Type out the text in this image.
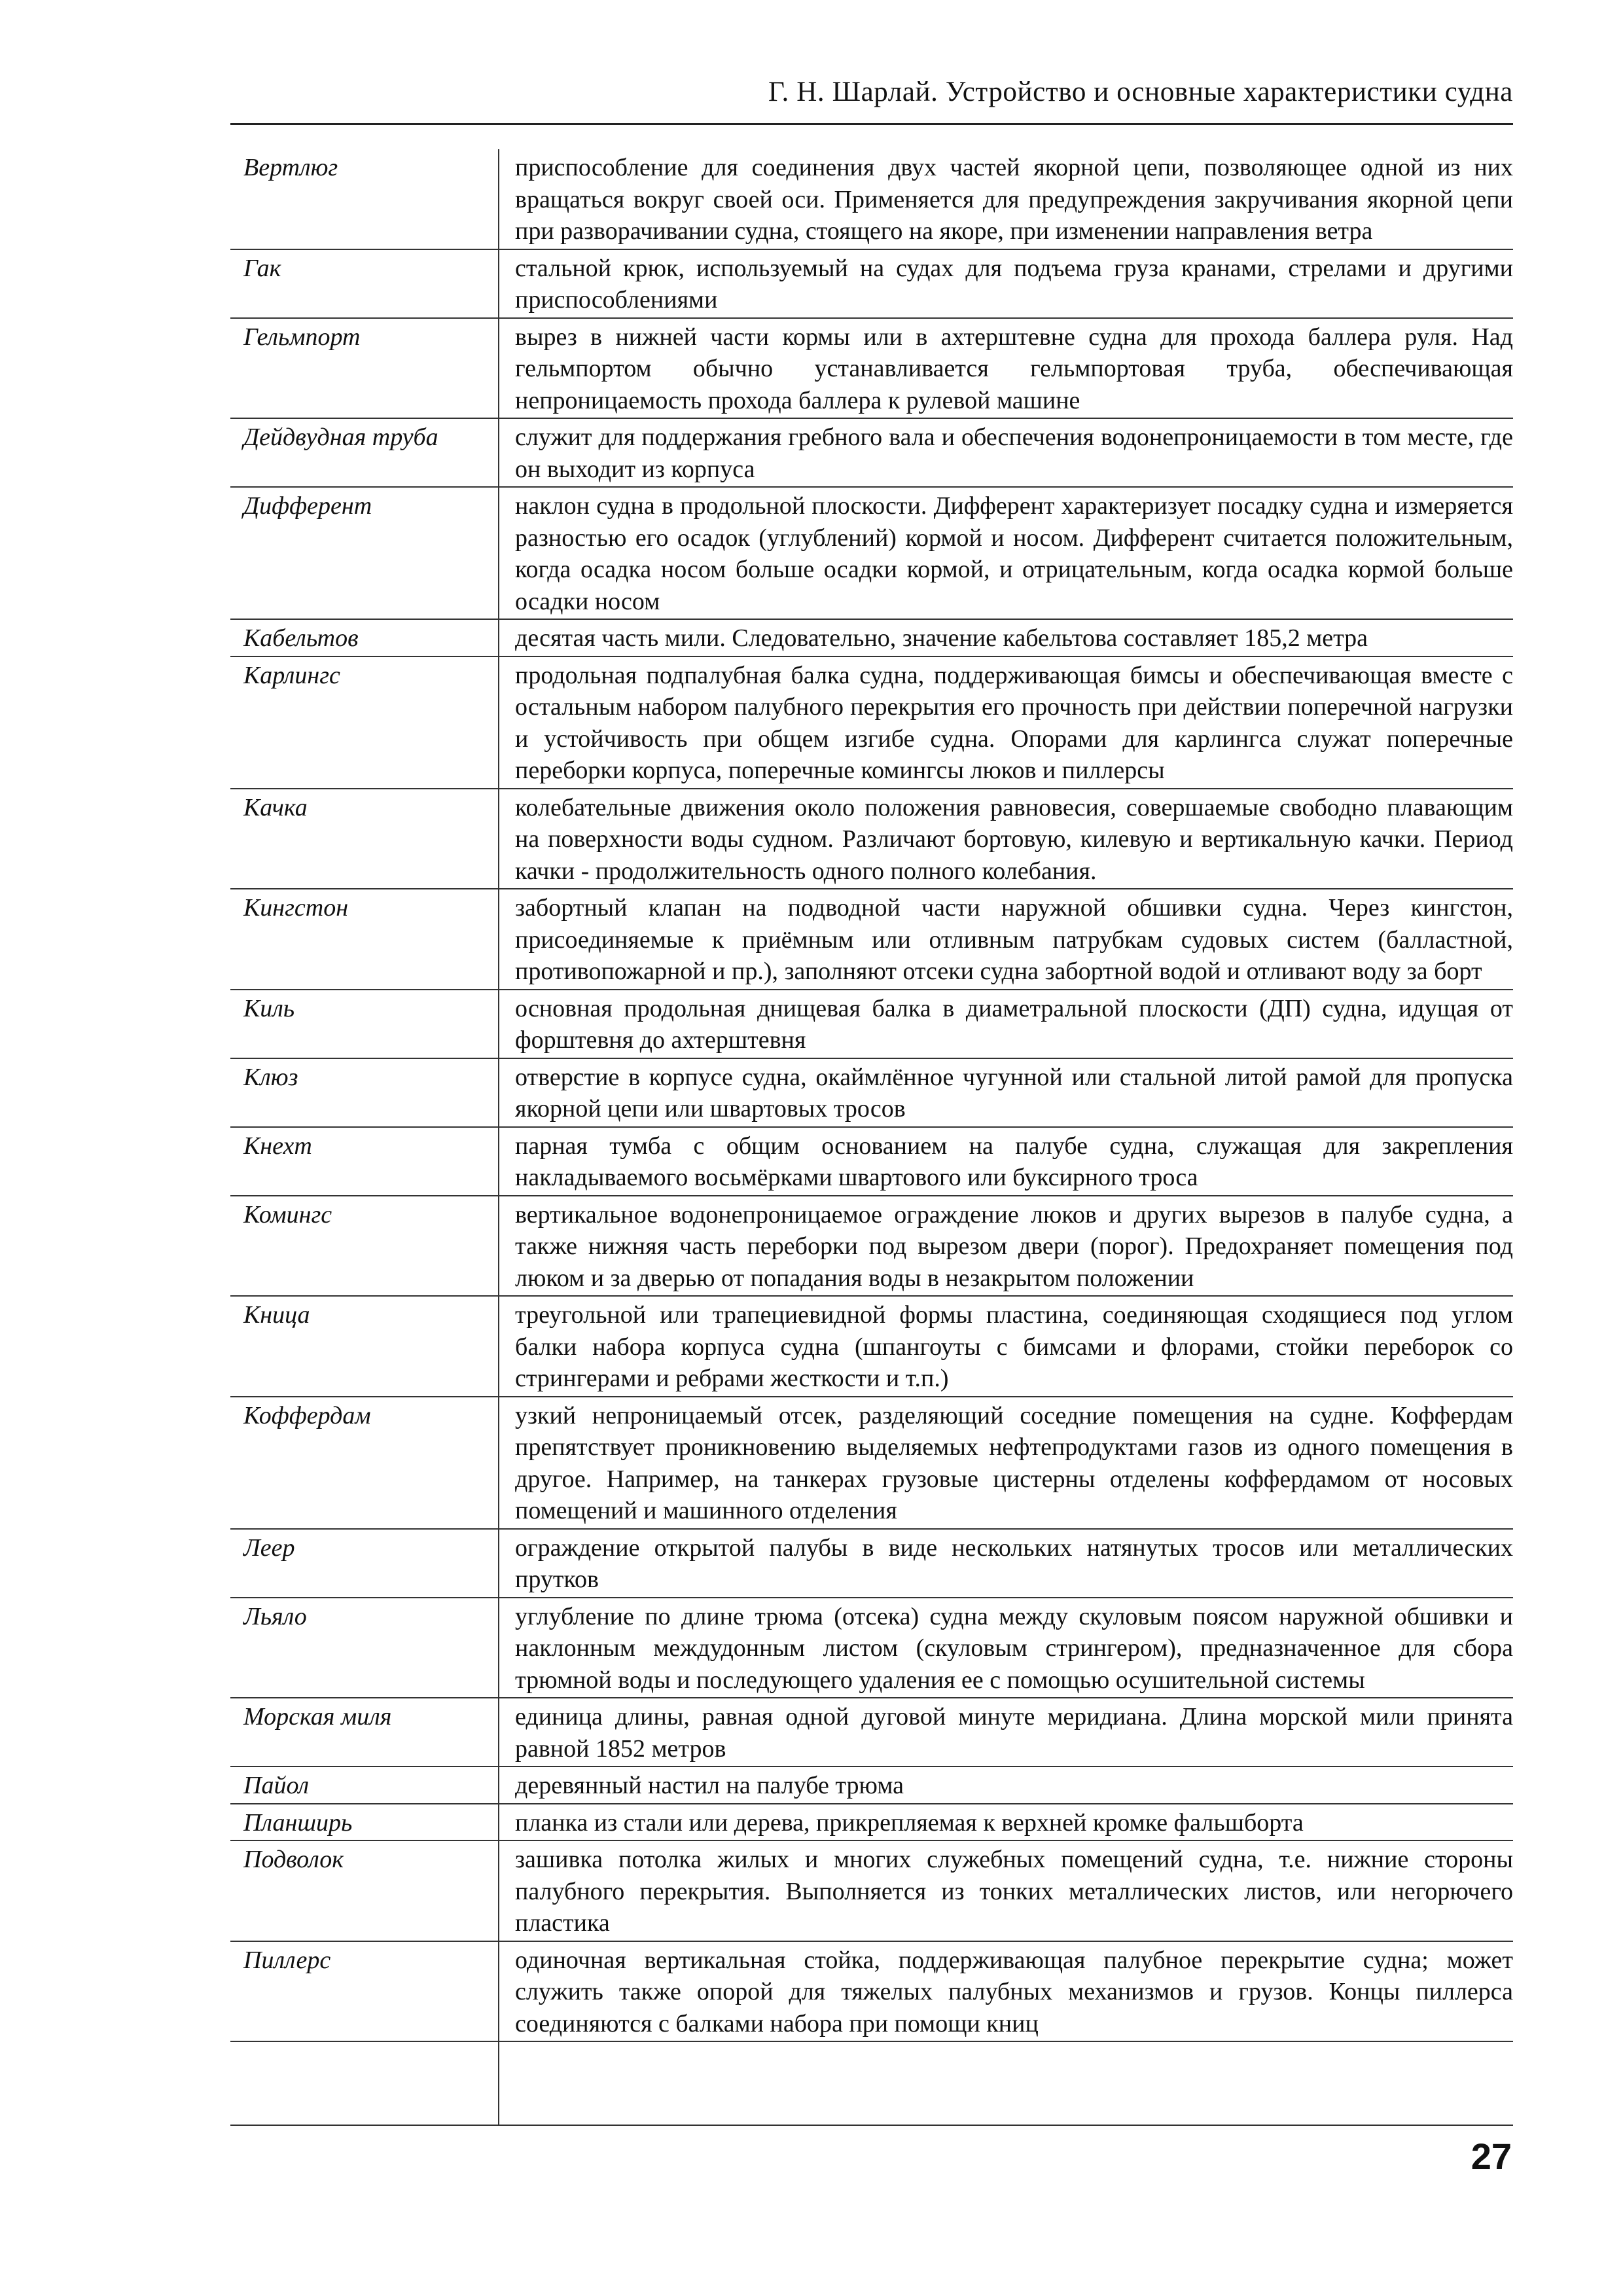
Г. Н. Шарлай. Устройство и основные характеристики судна
Вертлюг	приспособление для соединения двух частей якорной цепи, позволяющее одной из них вращаться вокруг своей оси. Применяется для предупреждения закручивания якорной цепи при разворачивании судна, стоящего на якоре, при изменении направления ветра
Гак	стальной крюк, используемый на судах для подъема груза кранами, стрелами и другими приспособлениями
Гельмпорт	вырез в нижней части кормы или в ахтерштевне судна для прохода баллера руля. Над гельмпортом обычно устанавливается гельмпортовая труба, обеспечивающая непроницаемость прохода баллера к рулевой машине
Дейдвудная труба	служит для поддержания гребного вала и обеспечения водонепроницаемости в том месте, где он выходит из корпуса
Дифферент	наклон судна в продольной плоскости. Дифферент характеризует посадку судна и измеряется разностью его осадок (углублений) кормой и носом. Дифферент считается положительным, когда осадка носом больше осадки кормой, и отрицательным, когда осадка кормой больше осадки носом
Кабельтов	десятая часть мили. Следовательно, значение кабельтова составляет 185,2 метра
Карлингс	продольная подпалубная балка судна, поддерживающая бимсы и обеспечивающая вместе с остальным набором палубного перекрытия его прочность при действии поперечной нагрузки и устойчивость при общем изгибе судна. Опорами для карлингса служат поперечные переборки корпуса, поперечные комингсы люков и пиллерсы
Качка	колебательные движения около положения равновесия, совершаемые свободно плавающим на поверхности воды судном. Различают бортовую, килевую и вертикальную качки. Период качки - продолжительность одного полного колебания.
Кингстон	забортный клапан на подводной части наружной обшивки судна. Через кингстон, присоединяемые к приёмным или отливным патрубкам судовых систем (балластной, противопожарной и пр.), заполняют отсеки судна забортной водой и отливают воду за борт
Киль	основная продольная днищевая балка в диаметральной плоскости (ДП) судна, идущая от форштевня до ахтерштевня
Клюз	отверстие в корпусе судна, окаймлённое чугунной или стальной литой рамой для пропуска якорной цепи или швартовых тросов
Кнехт	парная тумба с общим основанием на палубе судна, служащая для закрепления накладываемого восьмёрками швартового или буксирного троса
Комингс	вертикальное водонепроницаемое ограждение люков и других вырезов в палубе судна, а также нижняя часть переборки под вырезом двери (порог). Предохраняет помещения под люком и за дверью от попадания воды в незакрытом положении
Кница	треугольной или трапециевидной формы пластина, соединяющая сходящиеся под углом балки набора корпуса судна (шпангоуты с бимсами и флорами, стойки переборок со стрингерами и ребрами жесткости и т.п.)
Коффердам	узкий непроницаемый отсек, разделяющий соседние помещения на судне. Коффердам препятствует проникновению выделяемых нефтепродуктами газов из одного помещения в другое. Например, на танкерах грузовые цистерны отделены коффердамом от носовых помещений и машинного отделения
Леер	ограждение открытой палубы в виде нескольких натянутых тросов или металлических прутков
Льяло	углубление по длине трюма (отсека) судна между скуловым поясом наружной обшивки и наклонным междудонным листом (скуловым стрингером), предназначенное для сбора трюмной воды и последующего удаления ее с помощью осушительной системы
Морская миля	единица длины, равная одной дуговой минуте меридиана. Длина морской мили принята равной 1852 метров
Пайол	деревянный настил на палубе трюма
Планширь	планка из стали или дерева, прикрепляемая к верхней кромке фальшборта
Подволок	зашивка потолка жилых и многих служебных помещений судна, т.е. нижние стороны палубного перекрытия. Выполняется из тонких металлических листов, или негорючего пластика
Пиллерс	одиночная вертикальная стойка, поддерживающая палубное перекрытие судна; может служить также опорой для тяжелых палубных механизмов и грузов. Концы пиллерса соединяются с балками набора при помощи книц

27
